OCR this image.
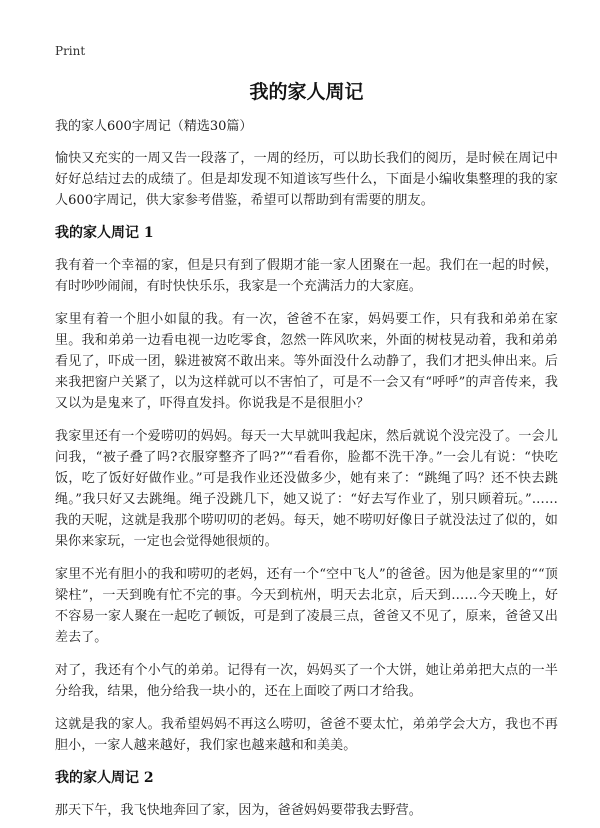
Print
我的家人周记
我的家人600字周记（精选30篇）

愉快又充实的一周又告一段落了，一周的经历，可以助长我们的阅历，是时候在周记中好好总结过去的成绩了。但是却发现不知道该写些什么，下面是小编收集整理的我的家人600字周记，供大家参考借鉴，希望可以帮助到有需要的朋友。

我的家人周记 1

我有着一个幸福的家，但是只有到了假期才能一家人团聚在一起。我们在一起的时候，有时吵吵闹闹，有时快快乐乐，我家是一个充满活力的大家庭。

家里有着一个胆小如鼠的我。有一次，爸爸不在家，妈妈要工作，只有我和弟弟在家里。我和弟弟一边看电视一边吃零食，忽然一阵风吹来，外面的树枝晃动着，我和弟弟看见了，吓成一团，躲进被窝不敢出来。等外面没什么动静了，我们才把头伸出来。后来我把窗户关紧了，以为这样就可以不害怕了，可是不一会又有“呼呼”的声音传来，我又以为是鬼来了，吓得直发抖。你说我是不是很胆小？

我家里还有一个爱唠叨的妈妈。每天一大早就叫我起床，然后就说个没完没了。一会儿问我，“被子叠了吗?衣服穿整齐了吗?”“看看你，脸都不洗干净。”一会儿有说：“快吃饭，吃了饭好好做作业。”可是我作业还没做多少，她有来了：“跳绳了吗？还不快去跳绳。”我只好又去跳绳。绳子没跳几下，她又说了：“好去写作业了，别只顾着玩。”……我的天呢，这就是我那个唠叨叨的老妈。每天，她不唠叨好像日子就没法过了似的，如果你来家玩，一定也会觉得她很烦的。

家里不光有胆小的我和唠叨的老妈，还有一个“空中飞人”的爸爸。因为他是家里的““顶梁柱”，一天到晚有忙不完的事。今天到杭州，明天去北京，后天到……今天晚上，好不容易一家人聚在一起吃了顿饭，可是到了凌晨三点，爸爸又不见了，原来，爸爸又出差去了。

对了，我还有个小气的弟弟。记得有一次，妈妈买了一个大饼，她让弟弟把大点的一半分给我，结果，他分给我一块小的，还在上面咬了两口才给我。

这就是我的家人。我希望妈妈不再这么唠叨，爸爸不要太忙，弟弟学会大方，我也不再胆小，一家人越来越好，我们家也越来越和和美美。

我的家人周记 2

那天下午，我飞快地奔回了家，因为，爸爸妈妈要带我去野营。
